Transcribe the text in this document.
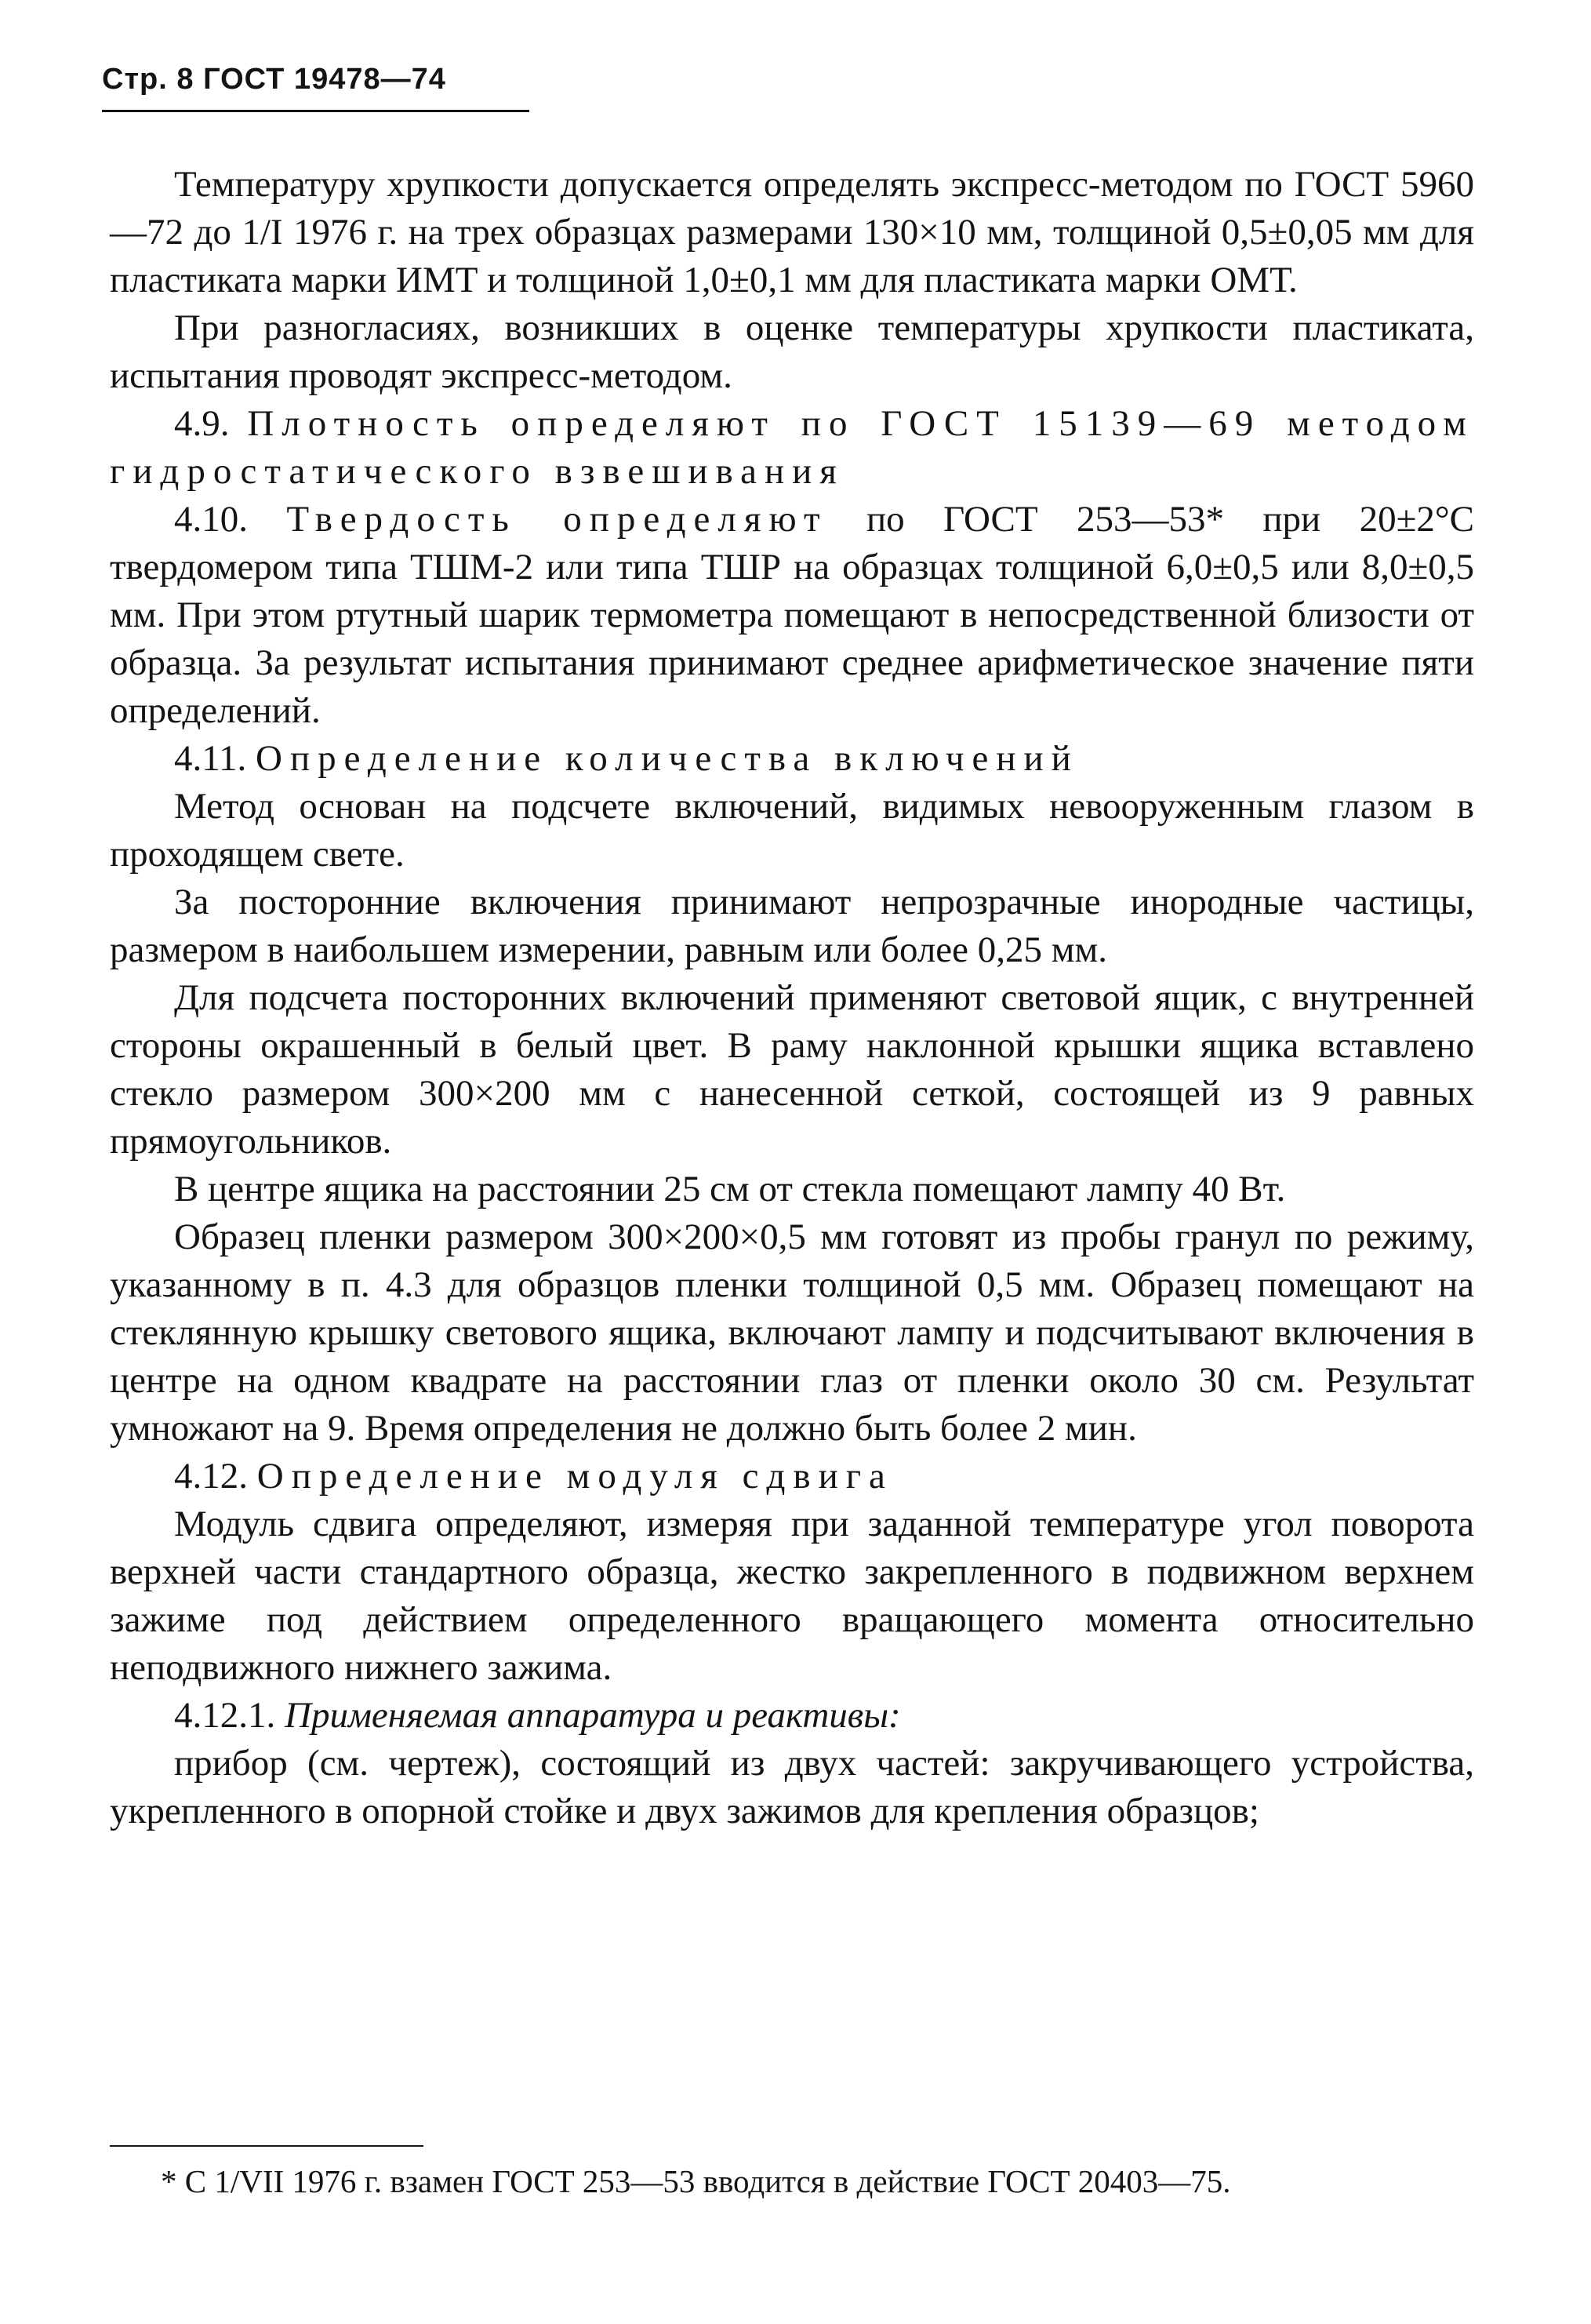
Стр. 8 ГОСТ 19478—74

Температуру хрупкости допускается определять экспресс-методом по ГОСТ 5960—72 до 1/I 1976 г. на трех образцах размерами 130×10 мм, толщиной 0,5±0,05 мм для пластиката марки ИМТ и толщиной 1,0±0,1 мм для пластиката марки ОМТ.

При разногласиях, возникших в оценке температуры хрупкости пластиката, испытания проводят экспресс-методом.

4.9. Плотность определяют по ГОСТ 15139—69 методом гидростатического взвешивания

4.10. Твердость определяют по ГОСТ 253—53* при 20±2°С твердомером типа ТШМ-2 или типа ТШР на образцах толщиной 6,0±0,5 или 8,0±0,5 мм. При этом ртутный шарик термометра помещают в непосредственной близости от образца. За результат испытания принимают среднее арифметическое значение пяти определений.

4.11. Определение количества включений

Метод основан на подсчете включений, видимых невооруженным глазом в проходящем свете.

За посторонние включения принимают непрозрачные инородные частицы, размером в наибольшем измерении, равным или более 0,25 мм.

Для подсчета посторонних включений применяют световой ящик, с внутренней стороны окрашенный в белый цвет. В раму наклонной крышки ящика вставлено стекло размером 300×200 мм с нанесенной сеткой, состоящей из 9 равных прямоугольников.

В центре ящика на расстоянии 25 см от стекла помещают лампу 40 Вт.

Образец пленки размером 300×200×0,5 мм готовят из пробы гранул по режиму, указанному в п. 4.3 для образцов пленки толщиной 0,5 мм. Образец помещают на стеклянную крышку светового ящика, включают лампу и подсчитывают включения в центре на одном квадрате на расстоянии глаз от пленки около 30 см. Результат умножают на 9. Время определения не должно быть более 2 мин.

4.12. Определение модуля сдвига

Модуль сдвига определяют, измеряя при заданной температуре угол поворота верхней части стандартного образца, жестко закрепленного в подвижном верхнем зажиме под действием определенного вращающего момента относительно неподвижного нижнего зажима.

4.12.1. Применяемая аппаратура и реактивы:

прибор (см. чертеж), состоящий из двух частей: закручивающего устройства, укрепленного в опорной стойке и двух зажимов для крепления образцов;

* С 1/VII 1976 г. взамен ГОСТ 253—53 вводится в действие ГОСТ 20403—75.
